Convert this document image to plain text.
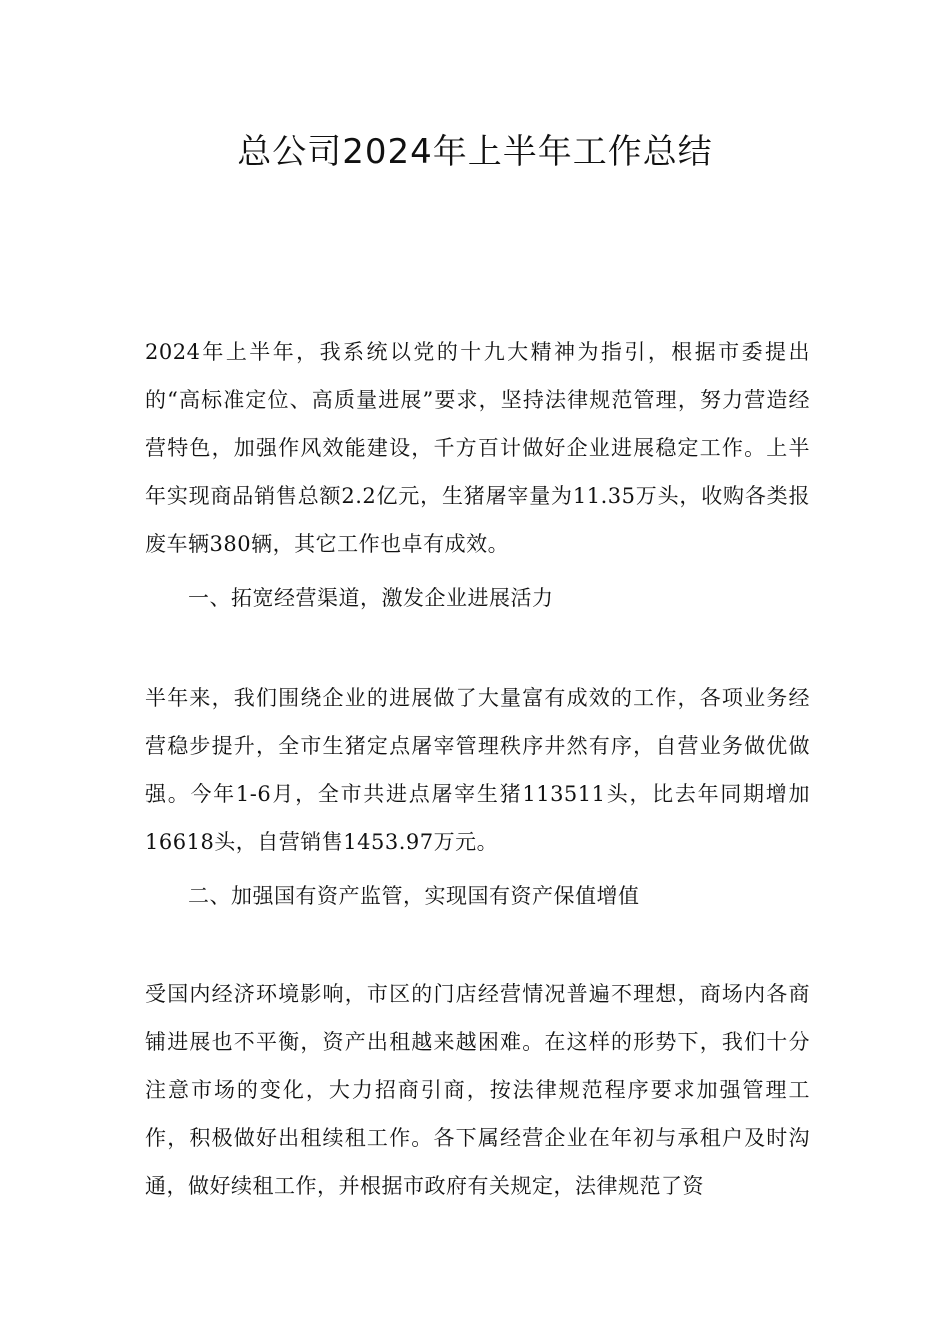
总公司2024年上半年工作总结

2024年上半年，我系统以党的十九大精神为指引，根据市委提出的“高标准定位、高质量进展”要求，坚持法律规范管理，努力营造经营特色，加强作风效能建设，千方百计做好企业进展稳定工作。上半年实现商品销售总额2.2亿元，生猪屠宰量为11.35万头，收购各类报废车辆380辆，其它工作也卓有成效。

一、拓宽经营渠道，激发企业进展活力

半年来，我们围绕企业的进展做了大量富有成效的工作，各项业务经营稳步提升，全市生猪定点屠宰管理秩序井然有序，自营业务做优做强。今年1-6月，全市共进点屠宰生猪113511头，比去年同期增加16618头，自营销售1453.97万元。

二、加强国有资产监管，实现国有资产保值增值

受国内经济环境影响，市区的门店经营情况普遍不理想，商场内各商铺进展也不平衡，资产出租越来越困难。在这样的形势下，我们十分注意市场的变化，大力招商引商，按法律规范程序要求加强管理工作，积极做好出租续租工作。各下属经营企业在年初与承租户及时沟通，做好续租工作，并根据市政府有关规定，法律规范了资
